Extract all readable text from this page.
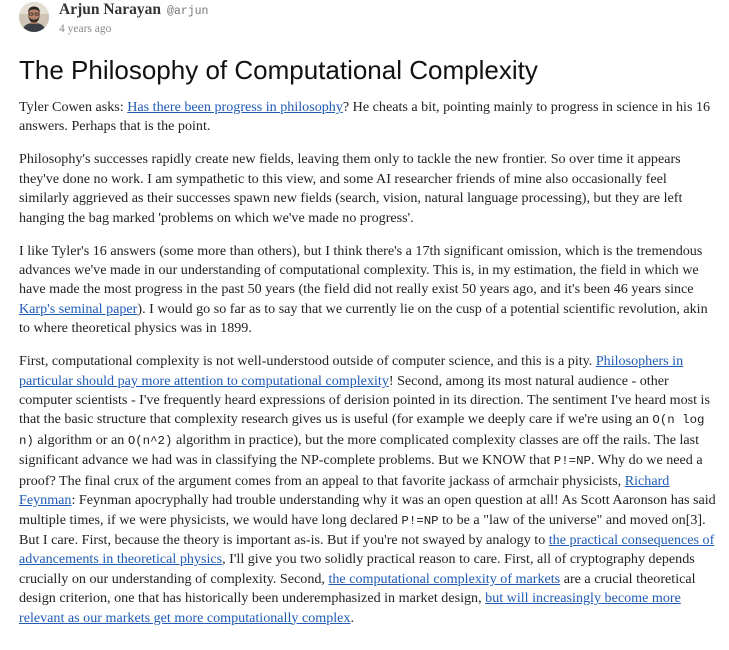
Arjun Narayan @arjun
4 years ago
The Philosophy of Computational Complexity

Tyler Cowen asks: Has there been progress in philosophy? He cheats a bit, pointing mainly to progress in science in his 16 answers. Perhaps that is the point.

Philosophy's successes rapidly create new fields, leaving them only to tackle the new frontier. So over time it appears they've done no work. I am sympathetic to this view, and some AI researcher friends of mine also occasionally feel similarly aggrieved as their successes spawn new fields (search, vision, natural language processing), but they are left hanging the bag marked 'problems on which we've made no progress'.

I like Tyler's 16 answers (some more than others), but I think there's a 17th significant omission, which is the tremendous advances we've made in our understanding of computational complexity. This is, in my estimation, the field in which we have made the most progress in the past 50 years (the field did not really exist 50 years ago, and it's been 46 years since Karp's seminal paper). I would go so far as to say that we currently lie on the cusp of a potential scientific revolution, akin to where theoretical physics was in 1899.

First, computational complexity is not well-understood outside of computer science, and this is a pity. Philosophers in particular should pay more attention to computational complexity! Second, among its most natural audience - other computer scientists - I've frequently heard expressions of derision pointed in its direction. The sentiment I've heard most is that the basic structure that complexity research gives us is useful (for example we deeply care if we're using an O(n log n) algorithm or an O(n^2) algorithm in practice), but the more complicated complexity classes are off the rails. The last significant advance we had was in classifying the NP-complete problems. But we KNOW that P!=NP. Why do we need a proof? The final crux of the argument comes from an appeal to that favorite jackass of armchair physicists, Richard Feynman: Feynman apocryphally had trouble understanding why it was an open question at all! As Scott Aaronson has said multiple times, if we were physicists, we would have long declared P!=NP to be a "law of the universe" and moved on[3]. But I care. First, because the theory is important as-is. But if you're not swayed by analogy to the practical consequences of advancements in theoretical physics, I'll give you two solidly practical reason to care. First, all of cryptography depends crucially on our understanding of complexity. Second, the computational complexity of markets are a crucial theoretical design criterion, one that has historically been underemphasized in market design, but will increasingly become more relevant as our markets get more computationally complex.
